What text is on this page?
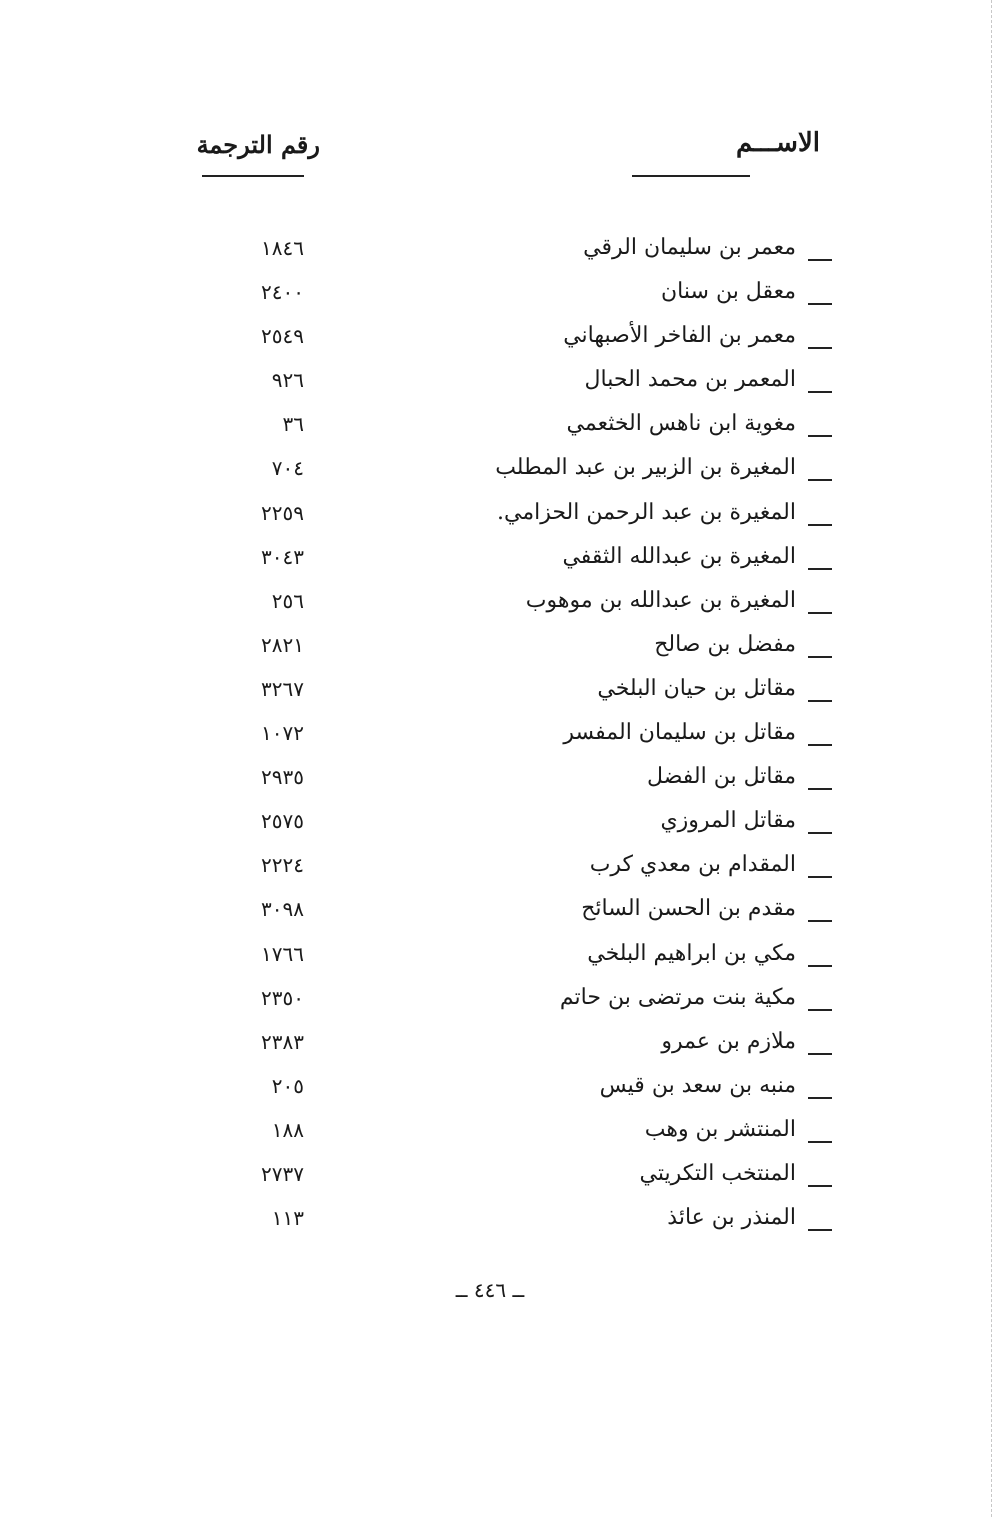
الاســـم
رقم الترجمة
معمر بن سليمان الرقي
١٨٤٦
معقل بن سنان
٢٤٠٠
معمر بن الفاخر الأصبهاني
٢٥٤٩
المعمر بن محمد الحبال
٩٢٦
مغوية ابن ناهس الخثعمي
٣٦
المغيرة بن الزبير بن عبد المطلب
٧٠٤
المغيرة بن عبد الرحمن الحزامي.
٢٢٥٩
المغيرة بن عبدالله الثقفي
٣٠٤٣
المغيرة بن عبدالله بن موهوب
٢٥٦
مفضل بن صالح
٢٨٢١
مقاتل بن حيان البلخي
٣٢٦٧
مقاتل بن سليمان المفسر
١٠٧٢
مقاتل بن الفضل
٢٩٣٥
مقاتل المروزي
٢٥٧٥
المقدام بن معدي كرب
٢٢٢٤
مقدم بن الحسن السائح
٣٠٩٨
مكي بن ابراهيم البلخي
١٧٦٦
مكية بنت مرتضى بن حاتم
٢٣٥٠
ملازم بن عمرو
٢٣٨٣
منبه بن سعد بن قيس
٢٠٥
المنتشر بن وهب
١٨٨
المنتخب التكريتي
٢٧٣٧
المنذر بن عائذ
١١٣
ــ ٤٤٦ ــ
